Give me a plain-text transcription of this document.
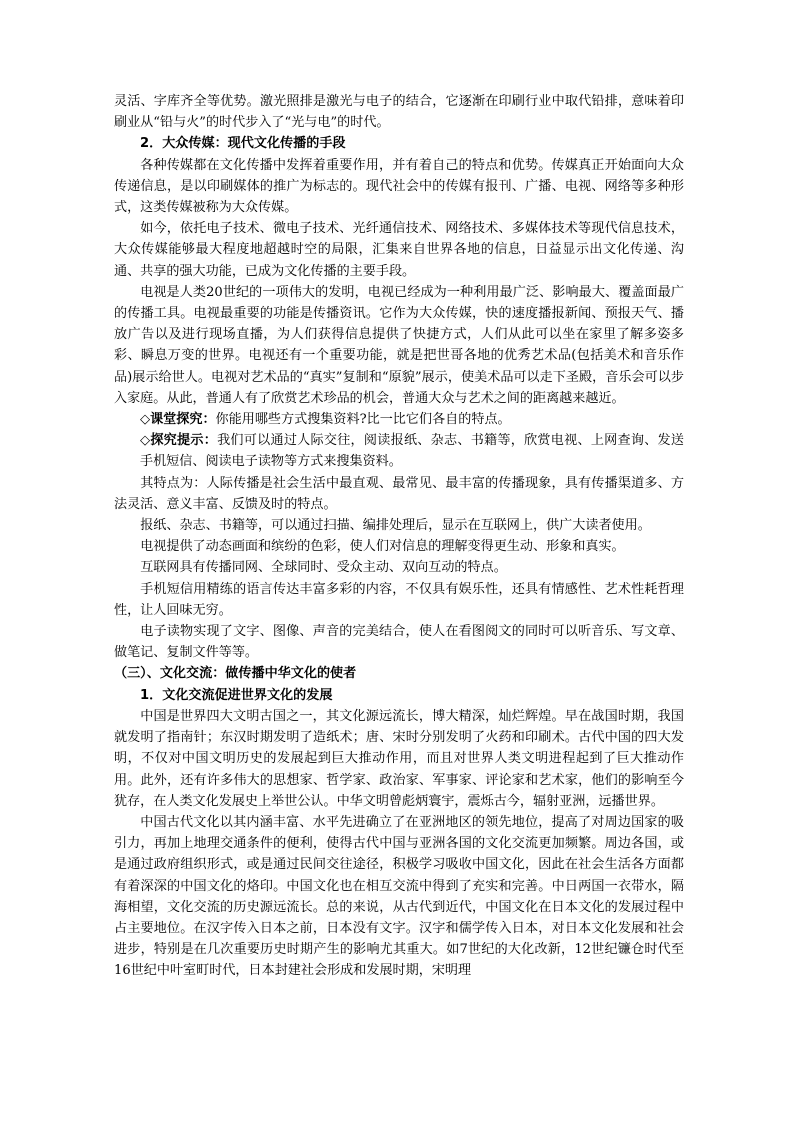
灵活、字库齐全等优势。激光照排是激光与电子的结合，它逐渐在印刷行业中取代铅排，意味着印刷业从“铅与火”的时代步入了“光与电”的时代。

2．大众传媒：现代文化传播的手段

各种传媒都在文化传播中发挥着重要作用，并有着自己的特点和优势。传媒真正开始面向大众传递信息，是以印刷媒体的推广为标志的。现代社会中的传媒有报刊、广播、电视、网络等多种形式，这类传媒被称为大众传媒。

如今，依托电子技术、微电子技术、光纤通信技术、网络技术、多媒体技术等现代信息技术，大众传媒能够最大程度地超越时空的局限，汇集来自世界各地的信息，日益显示出文化传递、沟通、共享的强大功能，已成为文化传播的主要手段。

电视是人类20世纪的一项伟大的发明，电视已经成为一种利用最广泛、影响最大、覆盖面最广的传播工具。电视最重要的功能是传播资讯。它作为大众传媒，快的速度播报新闻、预报天气、播放广告以及进行现场直播，为人们获得信息提供了快捷方式，人们从此可以坐在家里了解多姿多彩、瞬息万变的世界。电视还有一个重要功能，就是把世哥各地的优秀艺术品(包括美术和音乐作品)展示给世人。电视对艺术品的“真实”复制和“原貌”展示，使美术品可以走下圣殿，音乐会可以步入家庭。从此，普通人有了欣赏艺术珍品的机会，普通大众与艺术之间的距离越来越近。

◇课堂探究：你能用哪些方式搜集资料?比一比它们各自的特点。

◇探究提示：我们可以通过人际交往，阅读报纸、杂志、书籍等，欣赏电视、上网查询、发送手机短信、阅读电子读物等方式来搜集资料。

其特点为：人际传播是社会生活中最直观、最常见、最丰富的传播现象，具有传播渠道多、方法灵活、意义丰富、反馈及时的特点。

报纸、杂志、书籍等，可以通过扫描、编排处理后，显示在互联网上，供广大读者使用。

电视提供了动态画面和缤纷的色彩，使人们对信息的理解变得更生动、形象和真实。

互联网具有传播同网、全球同时、受众主动、双向互动的特点。

手机短信用精练的语言传达丰富多彩的内容，不仅具有娱乐性，还具有情感性、艺术性耗哲理性，让人回味无穷。

电子读物实现了文字、图像、声音的完美结合，使人在看图阅文的同时可以听音乐、写文章、做笔记、复制文件等等。

（三）、文化交流：做传播中华文化的使者

1．文化交流促进世界文化的发展

中国是世界四大文明古国之一，其文化源远流长，博大精深，灿烂辉煌。早在战国时期，我国就发明了指南针；东汉时期发明了造纸术；唐、宋时分别发明了火药和印刷术。古代中国的四大发明，不仅对中国文明历史的发展起到巨大推动作用，而且对世界人类文明进程起到了巨大推动作用。此外，还有许多伟大的思想家、哲学家、政治家、军事家、评论家和艺术家，他们的影响至今犹存，在人类文化发展史上举世公认。中华文明曾彪炳寰宇，震烁古今，辐射亚洲，远播世界。

中国古代文化以其内涵丰富、水平先进确立了在亚洲地区的领先地位，提高了对周边国家的吸引力，再加上地理交通条件的便利，使得古代中国与亚洲各国的文化交流更加频繁。周边各国，或是通过政府组织形式，或是通过民间交往途径，积极学习吸收中国文化，因此在社会生活各方面都有着深深的中国文化的烙印。中国文化也在相互交流中得到了充实和完善。中日两国一衣带水，隔海相望，文化交流的历史源远流长。总的来说，从古代到近代，中国文化在日本文化的发展过程中占主要地位。在汉字传入日本之前，日本没有文字。汉字和儒学传入日本，对日本文化发展和社会进步，特别是在几次重要历史时期产生的影响尤其重大。如7世纪的大化改新，12世纪镰仓时代至16世纪中叶室町时代，日本封建社会形成和发展时期，宋明理
